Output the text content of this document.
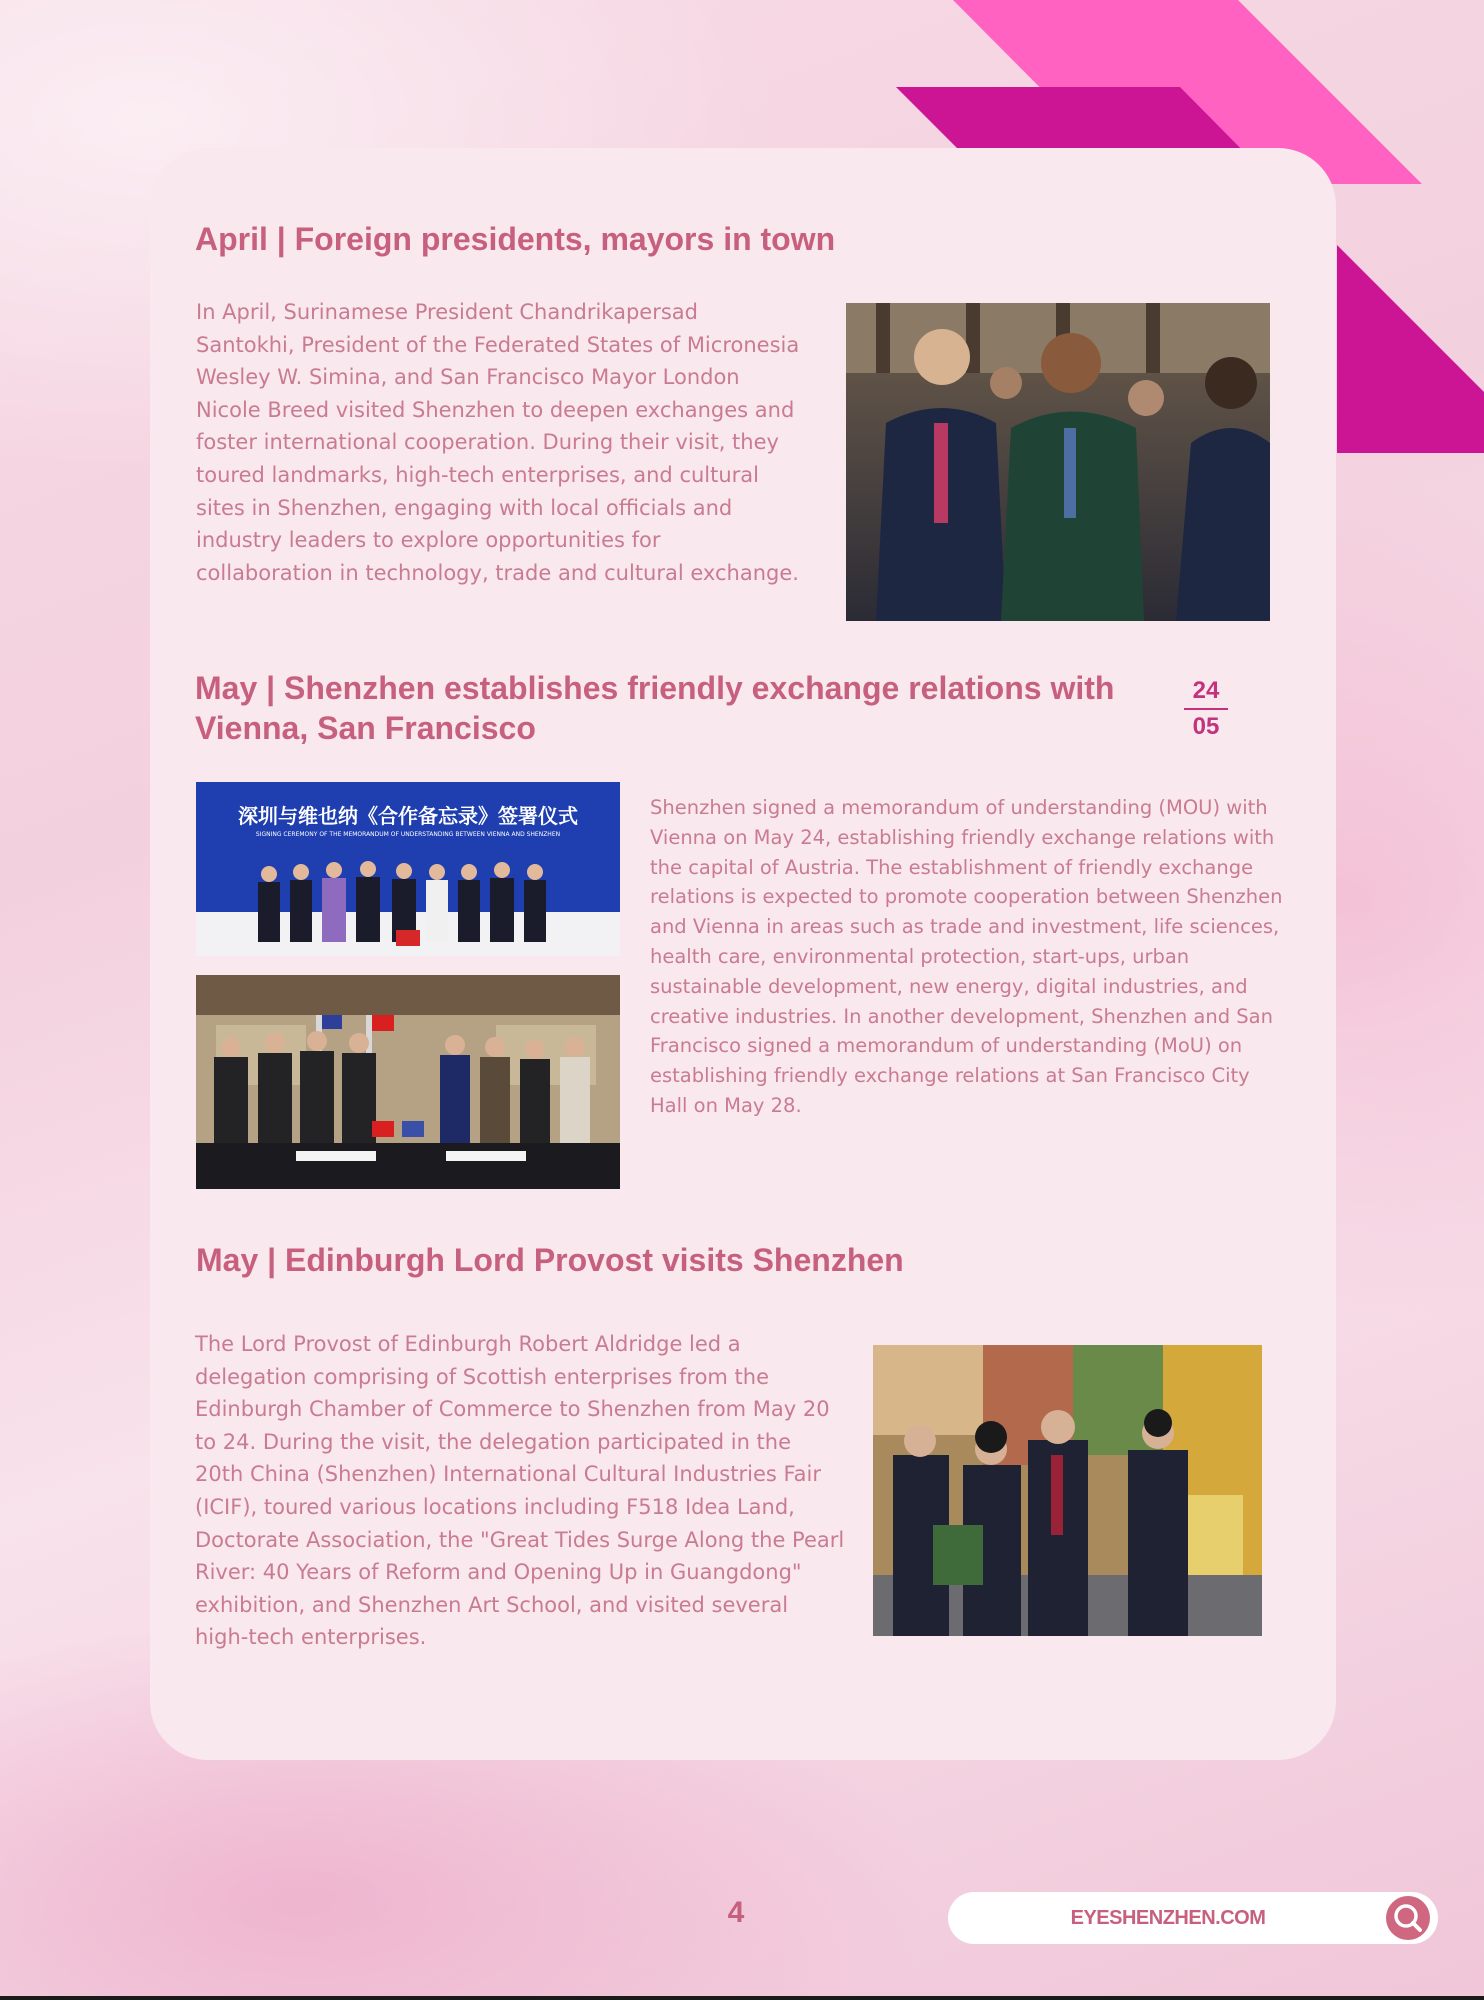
April | Foreign presidents, mayors in town

In April, Surinamese President Chandrikapersad Santokhi, President of the Federated States of Micronesia Wesley W. Simina, and San Francisco Mayor London Nicole Breed visited Shenzhen to deepen exchanges and foster international cooperation. During their visit, they toured landmarks, high-tech enterprises, and cultural sites in Shenzhen, engaging with local officials and industry leaders to explore opportunities for collaboration in technology, trade and cultural exchange.

May | Shenzhen establishes friendly exchange relations with Vienna, San Francisco
24
05
深圳与维也纳《合作备忘录》签署仪式
SIGNING CEREMONY OF THE MEMORANDUM OF UNDERSTANDING BETWEEN VIENNA AND SHENZHEN

Shenzhen signed a memorandum of understanding (MOU) with Vienna on May 24, establishing friendly exchange relations with the capital of Austria. The establishment of friendly exchange relations is expected to promote cooperation between Shenzhen and Vienna in areas such as trade and investment, life sciences, health care, environmental protection, start-ups, urban sustainable development, new energy, digital industries, and creative industries. In another development, Shenzhen and San Francisco signed a memorandum of understanding (MoU) on establishing friendly exchange relations at San Francisco City Hall on May 28.

May | Edinburgh Lord Provost visits Shenzhen

The Lord Provost of Edinburgh Robert Aldridge led a delegation comprising of Scottish enterprises from the Edinburgh Chamber of Commerce to Shenzhen from May 20 to 24. During the visit, the delegation participated in the 20th China (Shenzhen) International Cultural Industries Fair (ICIF), toured various locations including F518 Idea Land, Doctorate Association, the "Great Tides Surge Along the Pearl River: 40 Years of Reform and Opening Up in Guangdong" exhibition, and Shenzhen Art School, and visited several high-tech enterprises.

4	EYESHENZHEN.COM
